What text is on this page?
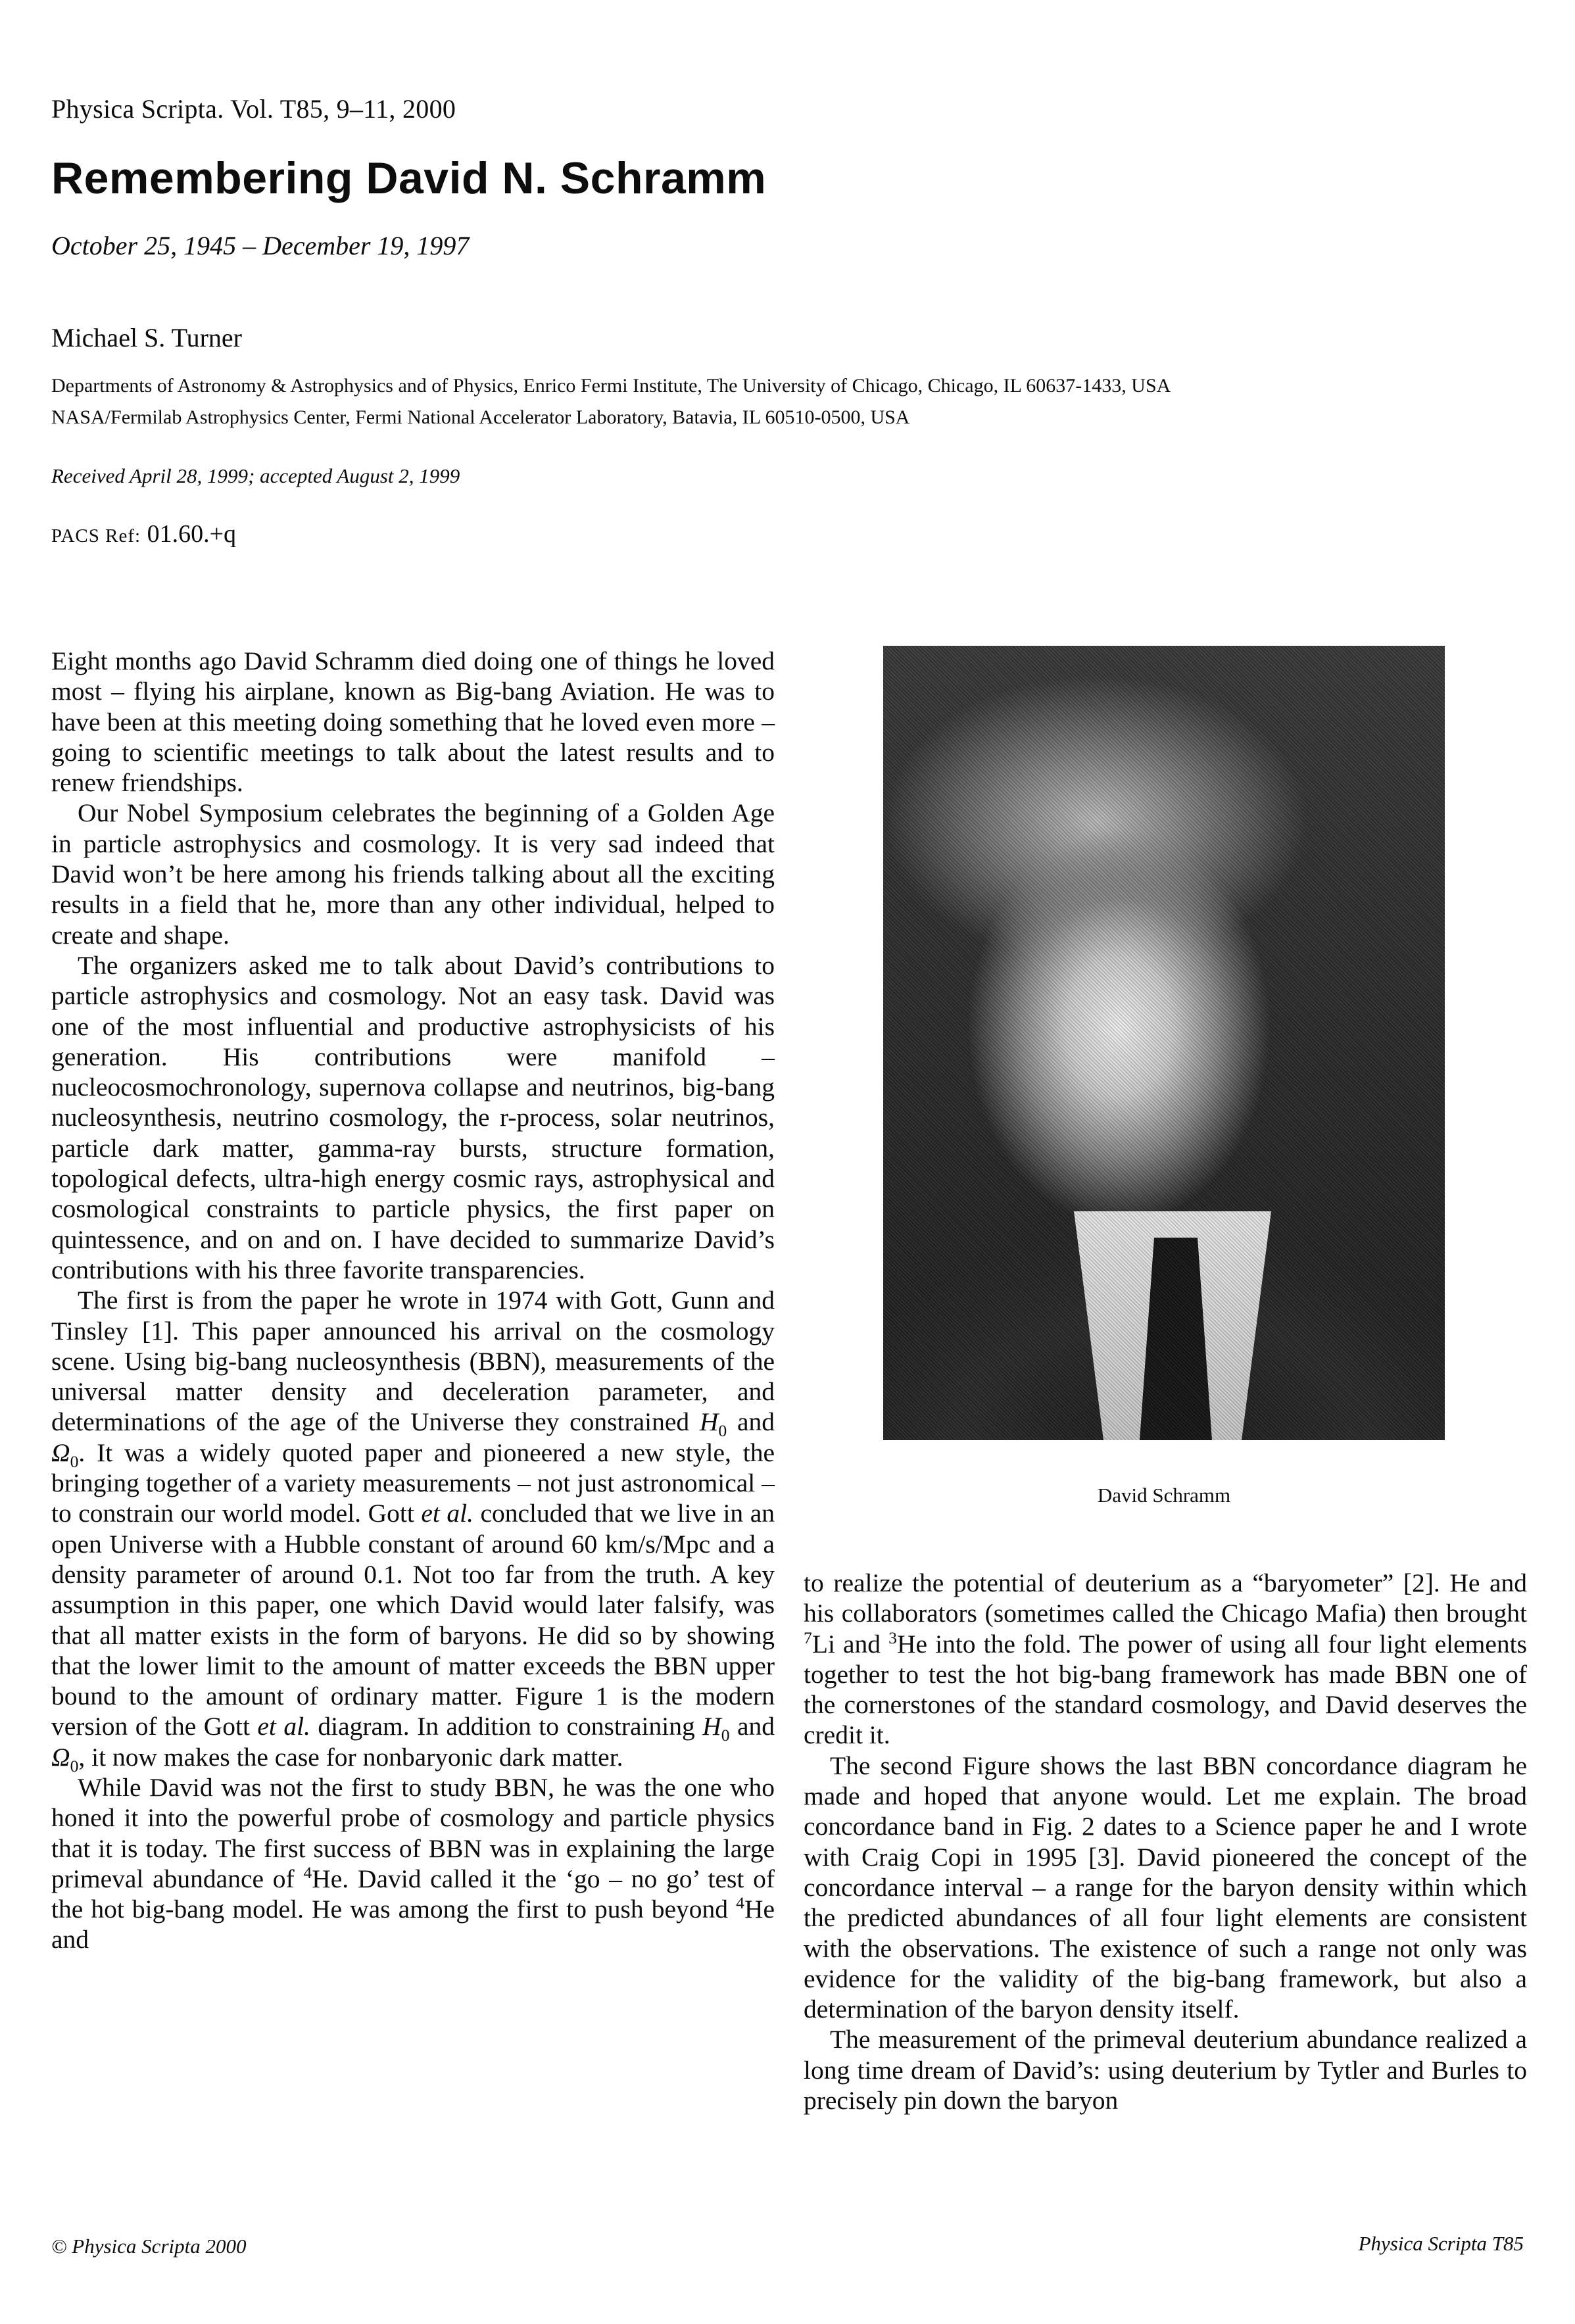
Physica Scripta. Vol. T85, 9–11, 2000
Remembering David N. Schramm
October 25, 1945 – December 19, 1997
Michael S. Turner
Departments of Astronomy & Astrophysics and of Physics, Enrico Fermi Institute, The University of Chicago, Chicago, IL 60637-1433, USA
NASA/Fermilab Astrophysics Center, Fermi National Accelerator Laboratory, Batavia, IL 60510-0500, USA
Received April 28, 1999; accepted August 2, 1999
PACS Ref: 01.60.+q

Eight months ago David Schramm died doing one of things he loved most – flying his airplane, known as Big-bang Aviation. He was to have been at this meeting doing something that he loved even more – going to scientific meetings to talk about the latest results and to renew friendships.

Our Nobel Symposium celebrates the beginning of a Golden Age in particle astrophysics and cosmology. It is very sad indeed that David won’t be here among his friends talking about all the exciting results in a field that he, more than any other individual, helped to create and shape.

The organizers asked me to talk about David’s contributions to particle astrophysics and cosmology. Not an easy task. David was one of the most influential and productive astrophysicists of his generation. His contributions were manifold – nucleocosmochronology, supernova collapse and neutrinos, big-bang nucleosynthesis, neutrino cosmology, the r-process, solar neutrinos, particle dark matter, gamma-ray bursts, structure formation, topological defects, ultra-high energy cosmic rays, astrophysical and cosmological constraints to particle physics, the first paper on quintessence, and on and on. I have decided to summarize David’s contributions with his three favorite transparencies.

The first is from the paper he wrote in 1974 with Gott, Gunn and Tinsley [1]. This paper announced his arrival on the cosmology scene. Using big-bang nucleosynthesis (BBN), measurements of the universal matter density and deceleration parameter, and determinations of the age of the Universe they constrained $H_0$ and $\Omega_0$. It was a widely quoted paper and pioneered a new style, the bringing together of a variety measurements – not just astronomical – to constrain our world model. Gott et al. concluded that we live in an open Universe with a Hubble constant of around 60 km/s/Mpc and a density parameter of around 0.1. Not too far from the truth. A key assumption in this paper, one which David would later falsify, was that all matter exists in the form of baryons. He did so by showing that the lower limit to the amount of matter exceeds the BBN upper bound to the amount of ordinary matter. Figure 1 is the modern version of the Gott et al. diagram. In addition to constraining $H_0$ and $\Omega_0$, it now makes the case for nonbaryonic dark matter.

While David was not the first to study BBN, he was the one who honed it into the powerful probe of cosmology and particle physics that it is today. The first success of BBN was in explaining the large primeval abundance of $^4$He. David called it the ‘go – no go’ test of the hot big-bang model. He was among the first to push beyond $^4$He and

David Schramm

to realize the potential of deuterium as a “baryometer” [2]. He and his collaborators (sometimes called the Chicago Mafia) then brought $^7$Li and $^3$He into the fold. The power of using all four light elements together to test the hot big-bang framework has made BBN one of the cornerstones of the standard cosmology, and David deserves the credit it.

The second Figure shows the last BBN concordance diagram he made and hoped that anyone would. Let me explain. The broad concordance band in Fig. 2 dates to a Science paper he and I wrote with Craig Copi in 1995 [3]. David pioneered the concept of the concordance interval – a range for the baryon density within which the predicted abundances of all four light elements are consistent with the observations. The existence of such a range not only was evidence for the validity of the big-bang framework, but also a determination of the baryon density itself.

The measurement of the primeval deuterium abundance realized a long time dream of David’s: using deuterium by Tytler and Burles to precisely pin down the baryon

© Physica Scripta 2000	Physica Scripta T85
